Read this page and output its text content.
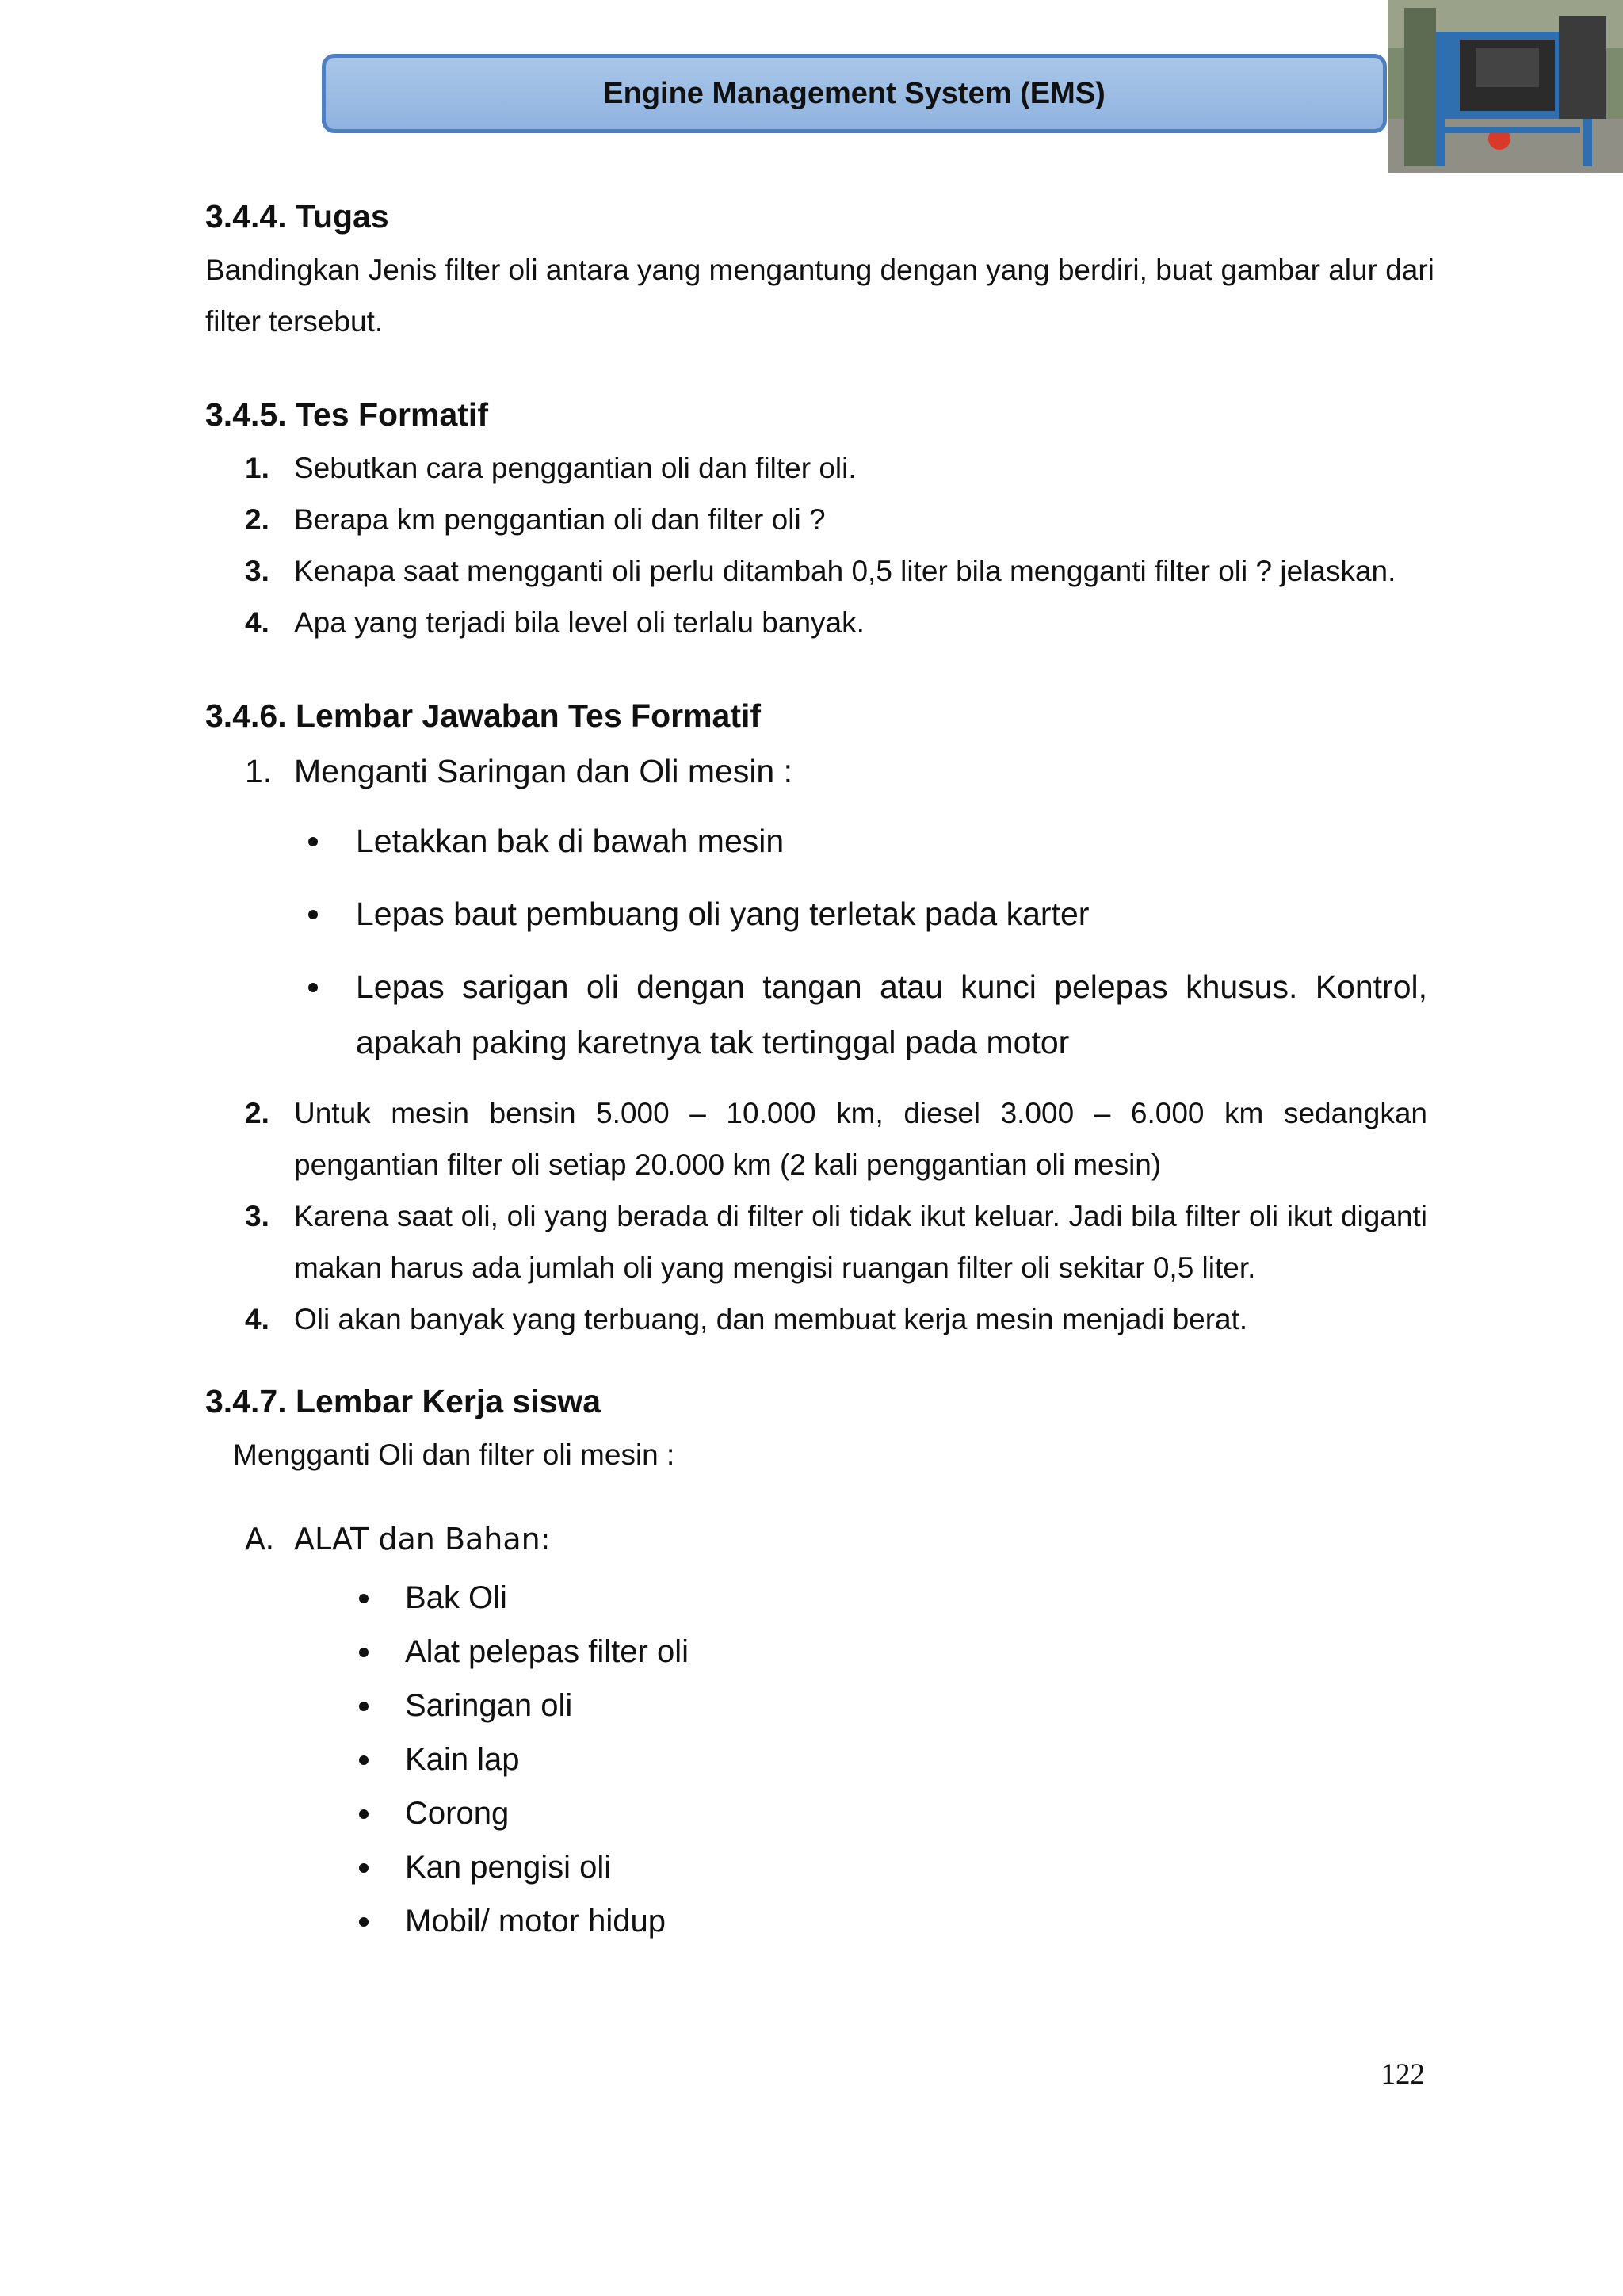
Engine Management System (EMS)
3.4.4. Tugas

Bandingkan Jenis filter oli antara yang mengantung dengan yang berdiri, buat gambar alur dari filter tersebut.

3.4.5. Tes Formatif
1. Sebutkan cara penggantian oli dan filter oli.
2. Berapa km penggantian oli dan filter oli ?
3. Kenapa saat mengganti oli perlu ditambah 0,5 liter bila mengganti filter oli ? jelaskan.
4. Apa yang terjadi bila level oli terlalu banyak.
3.4.6. Lembar Jawaban Tes Formatif
1. Menganti Saringan dan Oli mesin :
Letakkan bak di bawah mesin
Lepas baut pembuang oli yang terletak pada karter
Lepas sarigan oli dengan tangan atau kunci pelepas khusus. Kontrol, apakah paking karetnya tak tertinggal pada motor
2. Untuk mesin bensin 5.000 – 10.000 km, diesel 3.000 – 6.000 km sedangkan pengantian filter oli setiap 20.000 km (2 kali penggantian oli mesin)
3. Karena saat oli, oli yang berada di filter oli tidak ikut keluar. Jadi bila filter oli ikut diganti makan harus ada jumlah oli yang mengisi ruangan filter oli sekitar 0,5 liter.
4. Oli akan banyak yang terbuang, dan membuat kerja mesin menjadi berat.
3.4.7. Lembar Kerja siswa

Mengganti Oli dan filter oli mesin :

A. ALAT dan Bahan:
Bak Oli
Alat pelepas filter oli
Saringan oli
Kain lap
Corong
Kan pengisi oli
Mobil/ motor hidup
122
